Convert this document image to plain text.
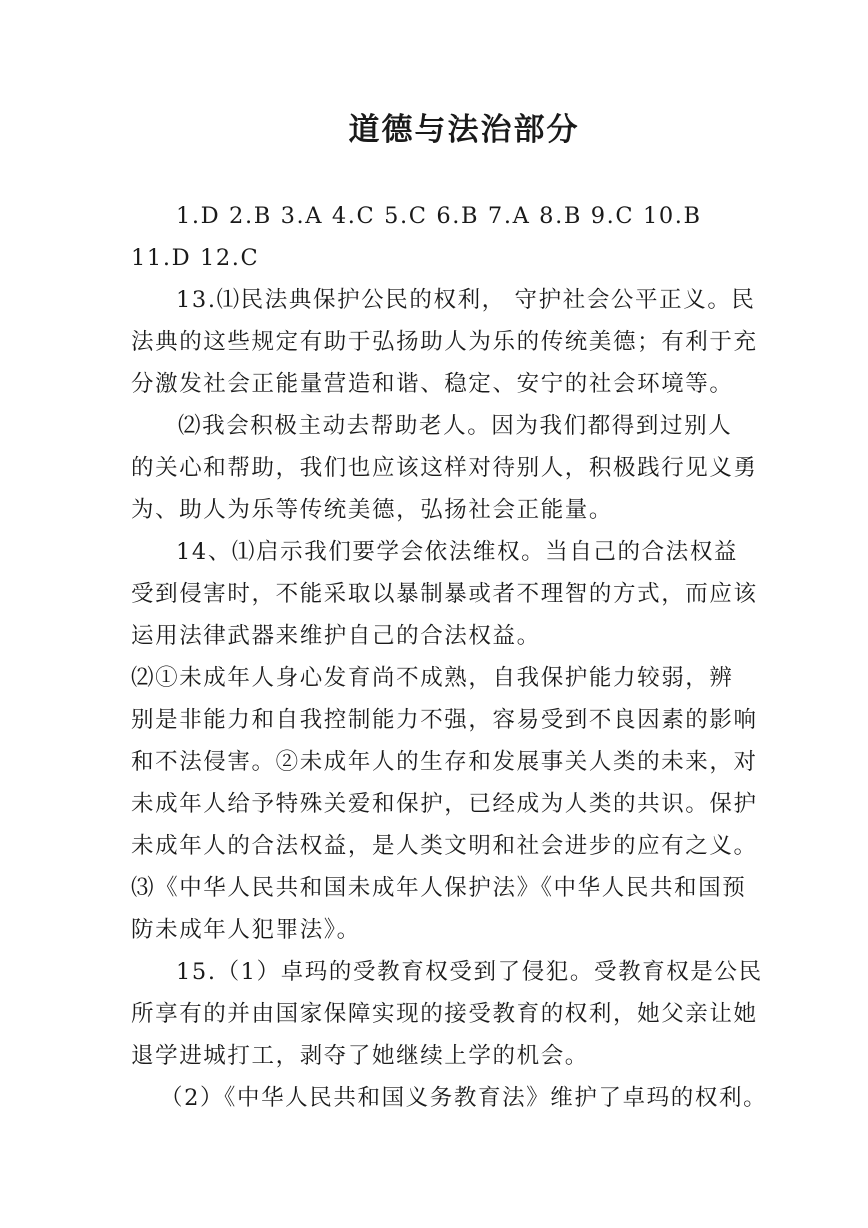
道德与法治部分
1.D 2.B 3.A 4.C 5.C 6.B 7.A 8.B 9.C 10.B
11.D 12.C
13.⑴民法典保护公民的权利， 守护社会公平正义。民
法典的这些规定有助于弘扬助人为乐的传统美德；有利于充
分激发社会正能量营造和谐、稳定、安宁的社会环境等。
⑵我会积极主动去帮助老人。因为我们都得到过别人
的关心和帮助，我们也应该这样对待别人，积极践行见义勇
为、助人为乐等传统美德，弘扬社会正能量。
14、⑴启示我们要学会依法维权。当自己的合法权益
受到侵害时，不能采取以暴制暴或者不理智的方式，而应该
运用法律武器来维护自己的合法权益。
⑵①未成年人身心发育尚不成熟，自我保护能力较弱，辨
别是非能力和自我控制能力不强，容易受到不良因素的影响
和不法侵害。②未成年人的生存和发展事关人类的未来，对
未成年人给予特殊关爱和保护，已经成为人类的共识。保护
未成年人的合法权益，是人类文明和社会进步的应有之义。
⑶《中华人民共和国未成年人保护法》《中华人民共和国预
防未成年人犯罪法》。
15.（1）卓玛的受教育权受到了侵犯。受教育权是公民
所享有的并由国家保障实现的接受教育的权利，她父亲让她
退学进城打工，剥夺了她继续上学的机会。
（2）《中华人民共和国义务教育法》维护了卓玛的权利。
